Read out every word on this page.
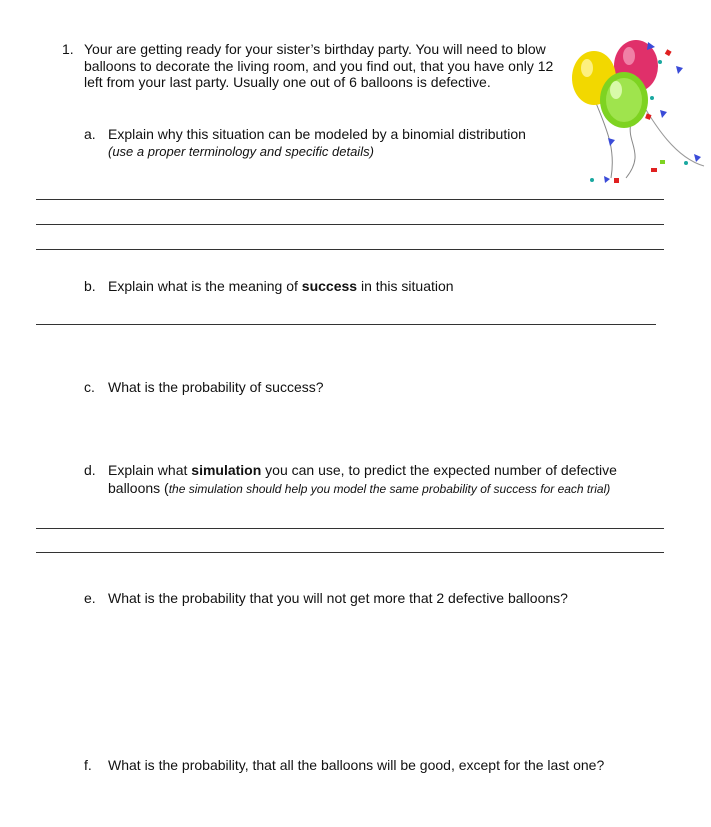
1. Your are getting ready for your sister’s birthday party. You will need to blow balloons to decorate the living room, and you find out, that you have only 12 left from your last party. Usually one out of 6 balloons is defective.
a. Explain why this situation can be modeled by a binomial distribution
(use a proper terminology and specific details)
b. Explain what is the meaning of success in this situation
c. What is the probability of success?
d. Explain what simulation you can use, to predict the expected number of defective
balloons (the simulation should help you model the same probability of success for each trial)
e. What is the probability that you will not get more that 2 defective balloons?
f. What is the probability, that all the balloons will be good, except for the last one?
